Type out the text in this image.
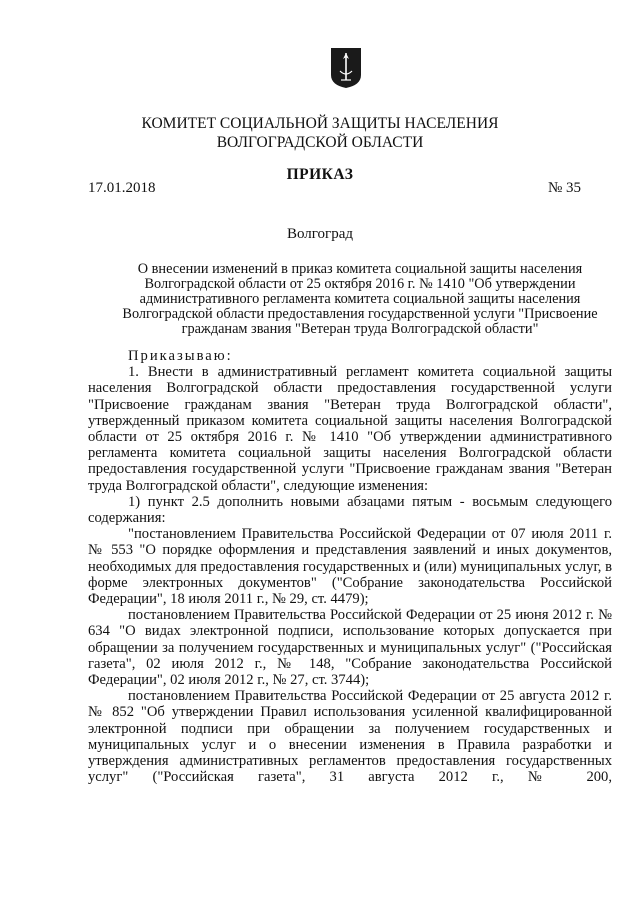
КОМИТЕТ СОЦИАЛЬНОЙ ЗАЩИТЫ НАСЕЛЕНИЯ
ВОЛГОГРАДСКОЙ ОБЛАСТИ
ПРИКАЗ
17.01.2018	№ 35
Волгоград
О внесении изменений в приказ комитета социальной защиты населения Волгоградской области от 25 октября 2016 г. № 1410 "Об утверждении административного регламента комитета социальной защиты населения Волгоградской области предоставления государственной услуги "Присвоение гражданам звания "Ветеран труда Волгоградской области"

Приказываю:

1. Внести в административный регламент комитета социальной защиты населения Волгоградской области предоставления государственной услуги "Присвоение гражданам звания "Ветеран труда Волгоградской области", утвержденный приказом комитета социальной защиты населения Волгоградской области от 25 октября 2016 г. № 1410 "Об утверждении административного регламента комитета социальной защиты населения Волгоградской области предоставления государственной услуги "Присвоение гражданам звания "Ветеран труда Волгоградской области", следующие изменения:

1) пункт 2.5 дополнить новыми абзацами пятым - восьмым следующего содержания:

"постановлением Правительства Российской Федерации от 07 июля 2011 г. № 553 "О порядке оформления и представления заявлений и иных документов, необходимых для предоставления государственных и (или) муниципальных услуг, в форме электронных документов" ("Собрание законодательства Российской Федерации", 18 июля 2011 г., № 29, ст. 4479);

постановлением Правительства Российской Федерации от 25 июня 2012 г. № 634 "О видах электронной подписи, использование которых допускается при обращении за получением государственных и муниципальных услуг" ("Российская газета", 02 июля 2012 г., № 148, "Собрание законодательства Российской Федерации", 02 июля 2012 г., № 27, ст. 3744);

постановлением Правительства Российской Федерации от 25 августа 2012 г. № 852 "Об утверждении Правил использования усиленной квалифицированной электронной подписи при обращении за получением государственных и муниципальных услуг и о внесении изменения в Правила разработки и утверждения административных регламентов предоставления государственных услуг" ("Российская газета", 31 августа 2012 г., № 200,
